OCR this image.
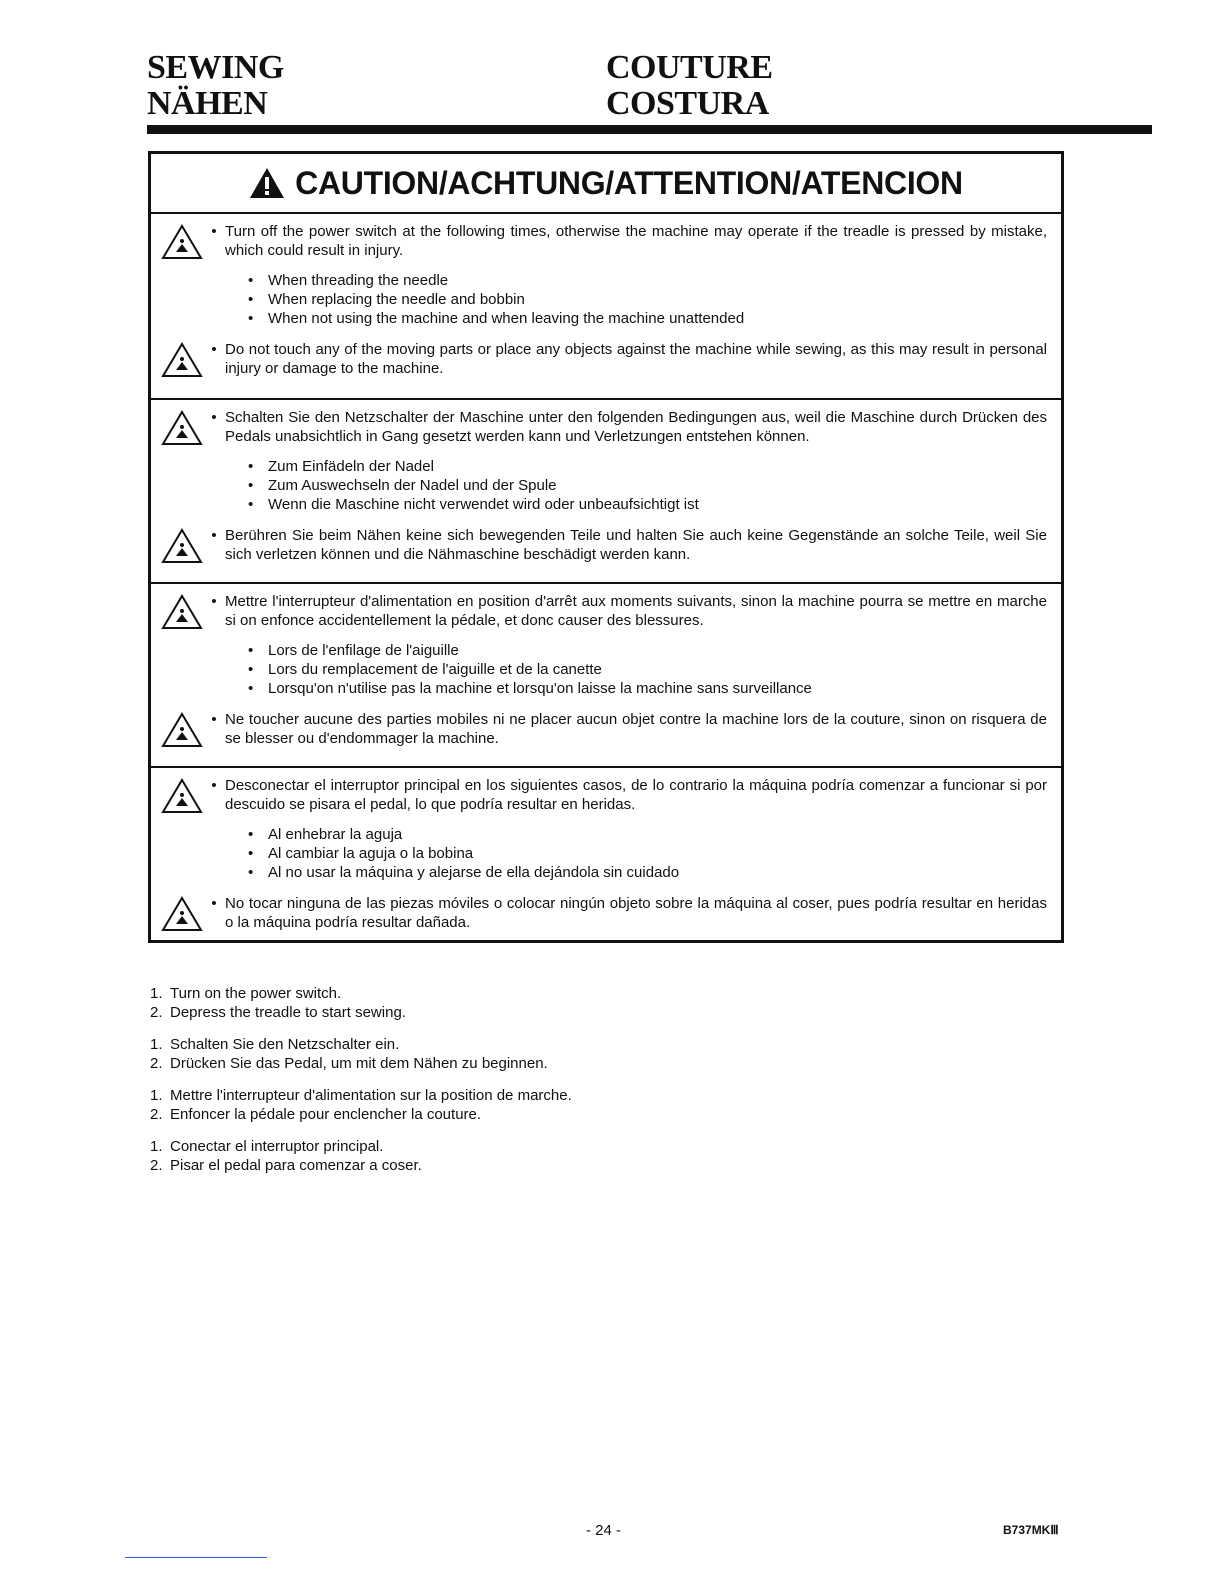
SEWING
NÄHEN
COUTURE
COSTURA
CAUTION/ACHTUNG/ATTENTION/ATENCION
• Turn off the power switch at the following times, otherwise the machine may operate if the treadle is pressed by mistake, which could result in injury.
• When threading the needle
• When replacing the needle and bobbin
• When not using the machine and when leaving the machine unattended
• Do not touch any of the moving parts or place any objects against the machine while sewing, as this may result in personal injury or damage to the machine.
• Schalten Sie den Netzschalter der Maschine unter den folgenden Bedingungen aus, weil die Maschine durch Drücken des Pedals unabsichtlich in Gang gesetzt werden kann und Verletzungen entstehen können.
• Zum Einfädeln der Nadel
• Zum Auswechseln der Nadel und der Spule
• Wenn die Maschine nicht verwendet wird oder unbeaufsichtigt ist
• Berühren Sie beim Nähen keine sich bewegenden Teile und halten Sie auch keine Gegenstände an solche Teile, weil Sie sich verletzen können und die Nähmaschine beschädigt werden kann.
• Mettre l'interrupteur d'alimentation en position d'arrêt aux moments suivants, sinon la machine pourra se mettre en marche si on enfonce accidentellement la pédale, et donc causer des blessures.
• Lors de l'enfilage de l'aiguille
• Lors du remplacement de l'aiguille et de la canette
• Lorsqu'on n'utilise pas la machine et lorsqu'on laisse la machine sans surveillance
• Ne toucher aucune des parties mobiles ni ne placer aucun objet contre la machine lors de la couture, sinon on risquera de se blesser ou d'endommager la machine.
• Desconectar el interruptor principal en los siguientes casos, de lo contrario la máquina podría comenzar a funcionar si por descuido se pisara el pedal, lo que podría resultar en heridas.
• Al enhebrar la aguja
• Al cambiar la aguja o la bobina
• Al no usar la máquina y alejarse de ella dejándola sin cuidado
• No tocar ninguna de las piezas móviles o colocar ningún objeto sobre la máquina al coser, pues podría resultar en heridas o la máquina podría resultar dañada.
1. Turn on the power switch.
2. Depress the treadle to start sewing.
1. Schalten Sie den Netzschalter ein.
2. Drücken Sie das Pedal, um mit dem Nähen zu beginnen.
1. Mettre l'interrupteur d'alimentation sur la position de marche.
2. Enfoncer la pédale pour enclencher la couture.
1. Conectar el interruptor principal.
2. Pisar el pedal para comenzar a coser.
- 24 -	B737MKⅢ
